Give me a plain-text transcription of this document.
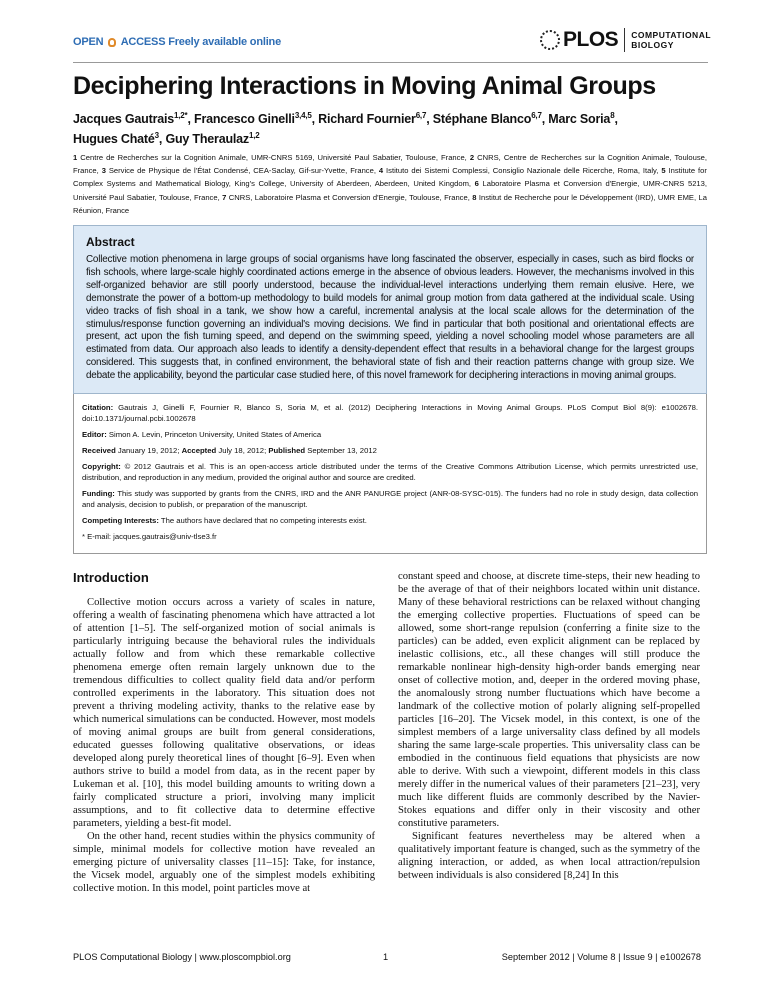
OPEN ACCESS Freely available online	PLOS COMPUTATIONAL
BIOLOGY
Deciphering Interactions in Moving Animal Groups
Jacques Gautrais$^{1,2*}$, Francesco Ginelli$^{3,4,5}$, Richard Fournier$^{6,7}$, Stéphane Blanco$^{6,7}$, Marc Soria$^8$,
Hugues Chaté$^3$, Guy Theraulaz$^{1,2}$
1 Centre de Recherches sur la Cognition Animale, UMR-CNRS 5169, Université Paul Sabatier, Toulouse, France, 2 CNRS, Centre de Recherches sur la Cognition Animale, Toulouse, France, 3 Service de Physique de l'État Condensé, CEA-Saclay, Gif-sur-Yvette, France, 4 Istituto dei Sistemi Complessi, Consiglio Nazionale delle Ricerche, Roma, Italy, 5 Institute for Complex Systems and Mathematical Biology, King's College, University of Aberdeen, Aberdeen, United Kingdom, 6 Laboratoire Plasma et Conversion d'Energie, UMR-CNRS 5213, Université Paul Sabatier, Toulouse, France, 7 CNRS, Laboratoire Plasma et Conversion d'Energie, Toulouse, France, 8 Institut de Recherche pour le Développement (IRD), UMR EME, La Réunion, France
Abstract

Collective motion phenomena in large groups of social organisms have long fascinated the observer, especially in cases, such as bird flocks or fish schools, where large-scale highly coordinated actions emerge in the absence of obvious leaders. However, the mechanisms involved in this self-organized behavior are still poorly understood, because the individual-level interactions underlying them remain elusive. Here, we demonstrate the power of a bottom-up methodology to build models for animal group motion from data gathered at the individual scale. Using video tracks of fish shoal in a tank, we show how a careful, incremental analysis at the local scale allows for the determination of the stimulus/response function governing an individual's moving decisions. We find in particular that both positional and orientational effects are present, act upon the fish turning speed, and depend on the swimming speed, yielding a novel schooling model whose parameters are all estimated from data. Our approach also leads to identify a density-dependent effect that results in a behavioral change for the largest groups considered. This suggests that, in confined environment, the behavioral state of fish and their reaction patterns change with group size. We debate the applicability, beyond the particular case studied here, of this novel framework for deciphering interactions in moving animal groups.

Citation: Gautrais J, Ginelli F, Fournier R, Blanco S, Soria M, et al. (2012) Deciphering Interactions in Moving Animal Groups. PLoS Comput Biol 8(9): e1002678. doi:10.1371/journal.pcbi.1002678

Editor: Simon A. Levin, Princeton University, United States of America

Received January 19, 2012; Accepted July 18, 2012; Published September 13, 2012

Copyright: © 2012 Gautrais et al. This is an open-access article distributed under the terms of the Creative Commons Attribution License, which permits unrestricted use, distribution, and reproduction in any medium, provided the original author and source are credited.

Funding: This study was supported by grants from the CNRS, IRD and the ANR PANURGE project (ANR-08-SYSC-015). The funders had no role in study design, data collection and analysis, decision to publish, or preparation of the manuscript.

Competing Interests: The authors have declared that no competing interests exist.

* E-mail: jacques.gautrais@univ-tlse3.fr

Introduction

Collective motion occurs across a variety of scales in nature, offering a wealth of fascinating phenomena which have attracted a lot of attention [1–5]. The self-organized motion of social animals is particularly intriguing because the behavioral rules the individuals actually follow and from which these remarkable collective phenomena emerge often remain largely unknown due to the tremendous difficulties to collect quality field data and/or perform controlled experiments in the laboratory. This situation does not prevent a thriving modeling activity, thanks to the relative ease by which numerical simulations can be conducted. However, most models of moving animal groups are built from general considerations, educated guesses following qualitative observations, or ideas developed along purely theoretical lines of thought [6–9]. Even when authors strive to build a model from data, as in the recent paper by Lukeman et al. [10], this model building amounts to writing down a fairly complicated structure a priori, involving many implicit assumptions, and to fit collective data to determine effective parameters, yielding a best-fit model.

On the other hand, recent studies within the physics community of simple, minimal models for collective motion have revealed an emerging picture of universality classes [11–15]: Take, for instance, the Vicsek model, arguably one of the simplest models exhibiting collective motion. In this model, point particles move at

constant speed and choose, at discrete time-steps, their new heading to be the average of that of their neighbors located within unit distance. Many of these behavioral restrictions can be relaxed without changing the emerging collective properties. Fluctuations of speed can be allowed, some short-range repulsion (conferring a finite size to the particles) can be added, even explicit alignment can be replaced by inelastic collisions, etc., all these changes will still produce the remarkable nonlinear high-density high-order bands emerging near onset of collective motion, and, deeper in the ordered moving phase, the anomalously strong number fluctuations which have become a landmark of the collective motion of polarly aligning self-propelled particles [16–20]. The Vicsek model, in this context, is one of the simplest members of a large universality class defined by all models sharing the same large-scale properties. This universality class can be embodied in the continuous field equations that physicists are now able to derive. With such a viewpoint, different models in this class merely differ in the numerical values of their parameters [21–23], very much like different fluids are commonly described by the Navier-Stokes equations and differ only in their viscosity and other constitutive parameters.

Significant features nevertheless may be altered when a qualitatively important feature is changed, such as the symmetry of the aligning interaction, or added, as when local attraction/repulsion between individuals is also considered [8,24] In this

PLOS Computational Biology | www.ploscompbiol.org	1	September 2012 | Volume 8 | Issue 9 | e1002678
